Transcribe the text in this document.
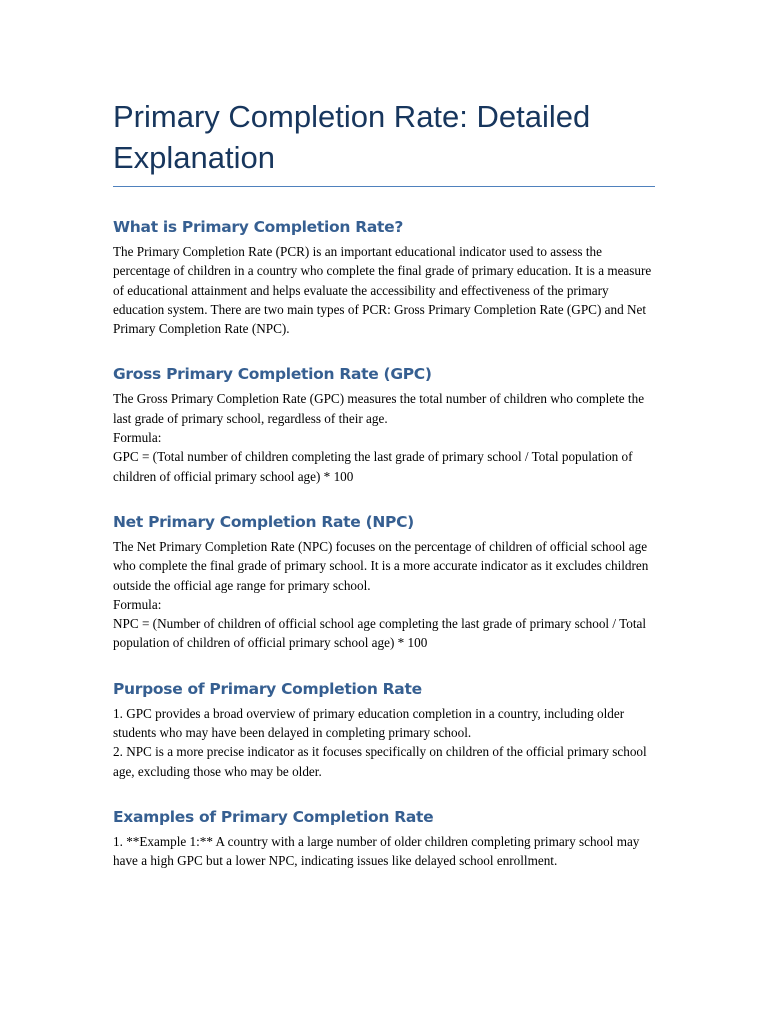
Primary Completion Rate: Detailed Explanation
What is Primary Completion Rate?

The Primary Completion Rate (PCR) is an important educational indicator used to assess the percentage of children in a country who complete the final grade of primary education. It is a measure of educational attainment and helps evaluate the accessibility and effectiveness of the primary education system. There are two main types of PCR: Gross Primary Completion Rate (GPC) and Net Primary Completion Rate (NPC).

Gross Primary Completion Rate (GPC)

The Gross Primary Completion Rate (GPC) measures the total number of children who complete the last grade of primary school, regardless of their age.

Formula:

GPC = (Total number of children completing the last grade of primary school / Total population of children of official primary school age) * 100

Net Primary Completion Rate (NPC)

The Net Primary Completion Rate (NPC) focuses on the percentage of children of official school age who complete the final grade of primary school. It is a more accurate indicator as it excludes children outside the official age range for primary school.

Formula:

NPC = (Number of children of official school age completing the last grade of primary school / Total population of children of official primary school age) * 100

Purpose of Primary Completion Rate

1. GPC provides a broad overview of primary education completion in a country, including older students who may have been delayed in completing primary school.

2. NPC is a more precise indicator as it focuses specifically on children of the official primary school age, excluding those who may be older.

Examples of Primary Completion Rate

1. **Example 1:** A country with a large number of older children completing primary school may have a high GPC but a lower NPC, indicating issues like delayed school enrollment.
